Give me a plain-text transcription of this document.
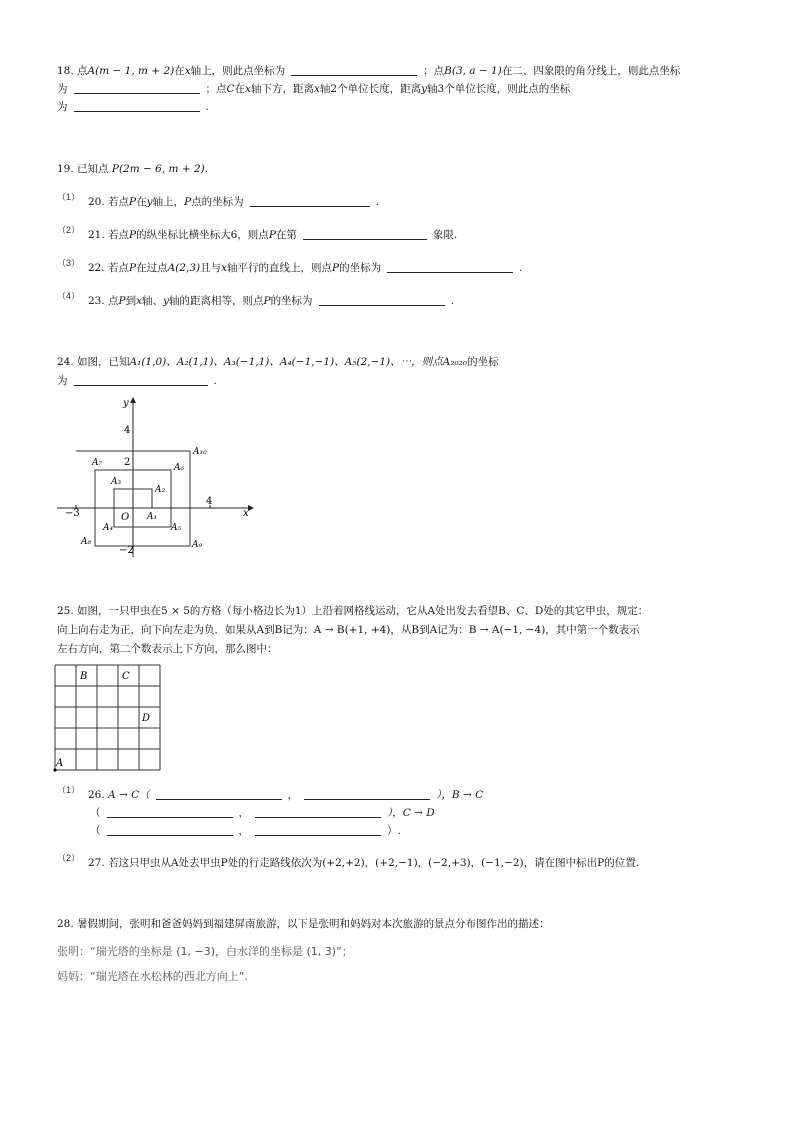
18. 点A(m − 1, m + 2)在x轴上，则此点坐标为	；点B(3, a − 1)在二、四象限的角分线上，则此点坐标
为	；点C在x轴下方，距离x轴2个单位长度，距离y轴3个单位长度，则此点的坐标
为	.
19. 已知点 P(2m − 6, m + 2).
（1） 20. 若点P在y轴上，P点的坐标为	.
（2） 21. 若点P的纵坐标比横坐标大6，则点P在第	象限.
（3） 22. 若点P在过点A(2,3)且与x轴平行的直线上，则点P的坐标为	.
（4） 23. 点P到x轴、y轴的距离相等，则点P的坐标为	.
24. 如图，已知A₁(1,0)、A₂(1,1)、A₃(−1,1)、A₄(−1,−1)、A₅(2,−1)、⋯，则点A₂₀₂₀的坐标
为	.
y
x
O
4
2
−2
−3
4
A₁
A₂
A₃
A₄	A₅
A₆
A₇
A₈	A₉
A₁₀
25. 如图，一只甲虫在5 × 5的方格（每小格边长为1）上沿着网格线运动，它从A处出发去看望B、C、D处的其它甲虫，规定：
向上向右走为正，向下向左走为负．如果从A到B记为：A → B(+1, +4)，从B到A记为：B → A(−1, −4)，其中第一个数表示
左右方向，第二个数表示上下方向，那么图中：
A
B	C
D
（1） 26. A → C（	，	），B → C
（	，	），C → D
（	，	）.
（2） 27. 若这只甲虫从A处去甲虫P处的行走路线依次为(+2,+2)，(+2,−1)，(−2,+3)，(−1,−2)，请在图中标出P的位置.
28. 暑假期间，张明和爸爸妈妈到福建屏南旅游，以下是张明和妈妈对本次旅游的景点分布图作出的描述：
张明：“瑞光塔的坐标是 (1, −3)，白水洋的坐标是 (1, 3)”；
妈妈：“瑞光塔在水松林的西北方向上”.
